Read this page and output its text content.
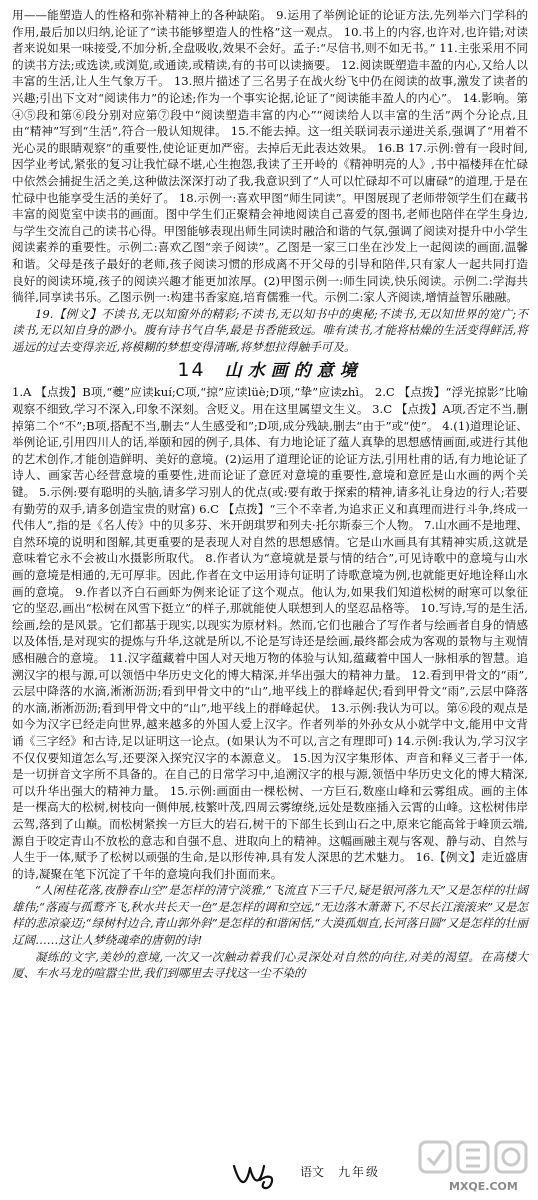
用——能塑造人的性格和弥补精神上的各种缺陷。 9.运用了举例论证的论证方法,先列举六门学科的作用,最后加以归纳,论证了“读书能够塑造人的性格”这一观点。 10.书上的内容,也许对,也许错;对读者来说如果一味接受,不加分析,全盘吸收,效果不会好。孟子:“尽信书,则不如无书。” 11.主张采用不同的读书方法;或选读,或浏览,或通读,或精读,有的书可以读摘要。 12.阅读既塑造丰盈的内心,又给人以丰富的生活,让人生气象万千。 13.照片描述了三名男子在战火纷飞中仍在阅读的故事,激发了读者的兴趣;引出下文对“阅读伟力”的论述;作为一个事实论据,论证了“阅读能丰盈人的内心”。 14.影响。第④⑤段和第⑥段分别对应第⑦段中“阅读塑造丰富的内心”“阅读给人以丰富的生活”两个分论点,且由“精神”写到“生活”,符合一般认知规律。 15.不能去掉。这一组关联词表示递进关系,强调了“用着不光心灵的眼睛观察”的重要性,使论证更加严密。去掉后无此表达效果。 16.B 17.示例:曾有一段时间,因学业考试,紧张的复习让我忙碌不堪,心生抱怨,我读了王开岭的《精神明亮的人》,书中福楼拜在忙碌中依然会捕捉生活之美,这种做法深深打动了我,我意识到了“人可以忙碌却不可以庸碌”的道理,于是在忙碌中也能享受生活的美好了。 18.示例一:喜欢甲图“师生同读”。甲图展现了老师带领学生们在藏书丰富的阅览室中读书的画面。图中学生们正聚精会神地阅读自己喜爱的图书,老师也陪伴在学生身边,与学生交流自己的读书心得。甲图能够表现出师生同读时融洽和谐的气氛,强调了阅读对提升中小学生阅读素养的重要性。示例二:喜欢乙图“亲子阅读”。乙图是一家三口坐在沙发上一起阅读的画面,温馨和谐。父母是孩子最好的老师,孩子阅读习惯的形成离不开父母的引导和陪伴,只有家人一起共同打造良好的阅读环境,孩子的阅读兴趣才能更加浓厚。(2)甲图示例一:师生同读,快乐阅读。示例二:学海共徜徉,同享读书乐。乙图示例一:构建书香家庭,培育儒雅一代。示例二:家人齐阅读,增情益智乐融融。

19.【例文】不读书,无以知窗外的精彩;不读书,无以知书中的奥秘;不读书,无以知世界的宽广;不读书,无以知自身的渺小。腹有诗书气自华,最是书香能致远。唯有读书,才能将枯燥的生活变得鲜活,将遥远的过去变得亲近,将模糊的梦想变得清晰,将梦想拉得触手可及。

14 山水画的意境

1.A 【点拨】B项,“夔”应读kuí;C项,“掠”应读lüè;D项,“挚”应读zhì。 2.C 【点拨】“浮光掠影”比喻观察不细致,学习不深入,印象不深刻。含贬义。用在这里属望文生义。 3.C 【点拨】A项,否定不当,删掉第二个“不”;B项,搭配不当,删去“人生感受和”;D项,成分残缺,删去“由于”或“使”。 4.(1)道理论证、举例论证,引用四川人的话,举颐和园的例子,具体、有力地论证了蕴人真挚的思想感情画面,或进行其他的艺术创作,才能创造鲜明、美好的意境。(2)运用了道理论证的论证方法,引用杜甫的话,有力地论证了诗人、画家苦心经营意境的重要性,进而论证了意匠对意境的重要性,意境和意匠是山水画的两个关键。 5.示例:要有聪明的头脑,请多学习别人的优点(或:要有敢于探索的精神,请多礼让身边的行人;若要有勤劳的双手,请多创造宝贵的财富) 6.C 【点拨】“三个不幸者,为追求正义和真理而进行斗争,终成一代伟人”,指的是《名人传》中的贝多芬、米开朗琪罗和列夫·托尔斯泰三个人物。 7.山水画不是地理、自然环境的说明和图解,其更重要的是表现人对自然的思想感情。它是山水画具有其精神实质,这就是意味着它永不会被山水摄影所取代。 8.作者认为“意境就是景与情的结合”,可见诗歌中的意境与山水画的意境是相通的,无可厚非。因此,作者在文中运用诗句证明了诗歌意境为例,也就能更好地诠释山水画的意境。 9.作者以齐白石画虾为例来论证了这个观点。他认为,如果我们知道松树的耐寒可以象征它的坚忍,画出“松树在风雪下挺立”的样子,那就能使人联想到人的坚忍品格等。 10.写诗,写的是生活,绘画,绘的是风景。它们都基于现实,以现实为原材料。然而,它们也融合了写作者与绘画者自身的情感以及体悟,是对现实的提炼与升华,这就是所以,不论是写诗还是绘画,最终都会成为客观的景物与主观情感相融合的意境。 11.汉字蕴藏着中国人对天地万物的体验与认知,蕴藏着中国人一脉相承的智慧。追溯汉字的根与源,可以领悟中华历史文化的博大精深,并华出强大的精神力量。 12.看到甲骨文的“雨”,云层中降落的水滴,淅淅沥沥;看到甲骨文中的“山”,地平线上的群峰起伏;看到甲骨文“雨”,云层中降落的水滴,淅淅沥沥;看到甲骨文中的“山”,地平线上的群峰起伏。 13.示例:我认为可以。第⑥段的观点是如今为汉字已经走向世界,越来越多的外国人爱上汉字。作者列举的外孙女从小就学中文,能用中文背诵《三字经》和古诗,足以证明这一论点。(如果认为不可以,言之有理即可) 14.示例:我认为,学习汉字不仅仅要知道怎么写,还要深入探究汉字的本源意义。 15.因为汉字集形体、声音和释义三者于一体,是一切拼音文字所不具备的。在自己的日常学习中,追溯汉字的根与源,领悟中华历史文化的博大精深,可以升华出强大的精神力量。 15.示例:画面由一棵松树、一方巨石,数座山峰和云雾组成。画的主体是一棵高大的松树,树枝向一侧伸展,枝繁叶茂,四周云雾缭绕,远处是数座插入云霄的山峰。这松树伟岸云驾,落到了山巅。而松树紧挨一方巨大的岩石,树干的下部生长到山石之中,原来它能高耸于峰顶云端,源自于咬定青山不放松的意志和自强不息、进取向上的精神。这幅画融主观与客观、静与动、自然与人生于一体,赋予了松树以顽强的生命,是以形传神,具有发人深思的艺术魅力。 16.【例文】走近盛唐的诗,凝聚在笔下沉淀了千年的意境向我们扑面而来。

“人闲桂花落,夜静春山空”是怎样的清宁淡雅,“飞流直下三千尺,疑是银河落九天”又是怎样的壮阔雄伟;“落霞与孤鹜齐飞,秋水共长天一色”是怎样的调和空远,“无边落木萧萧下,不尽长江滚滚来”又是怎样的悲凉豪迈;“绿树村边合,青山郭外斜”是怎样的和谐闲恬,“大漠孤烟直,长河落日圆”又是怎样的壮丽辽阔……这让人梦绕魂牵的唐朝的诗!

凝练的文字,美妙的意境,一次又一次触动着我们心灵深处对自然的向往,对美的渴望。在高楼大厦、车水马龙的喧嚣尘世,我们到哪里去寻找这一尘不染的

语文 九年级
MXQE.COM
